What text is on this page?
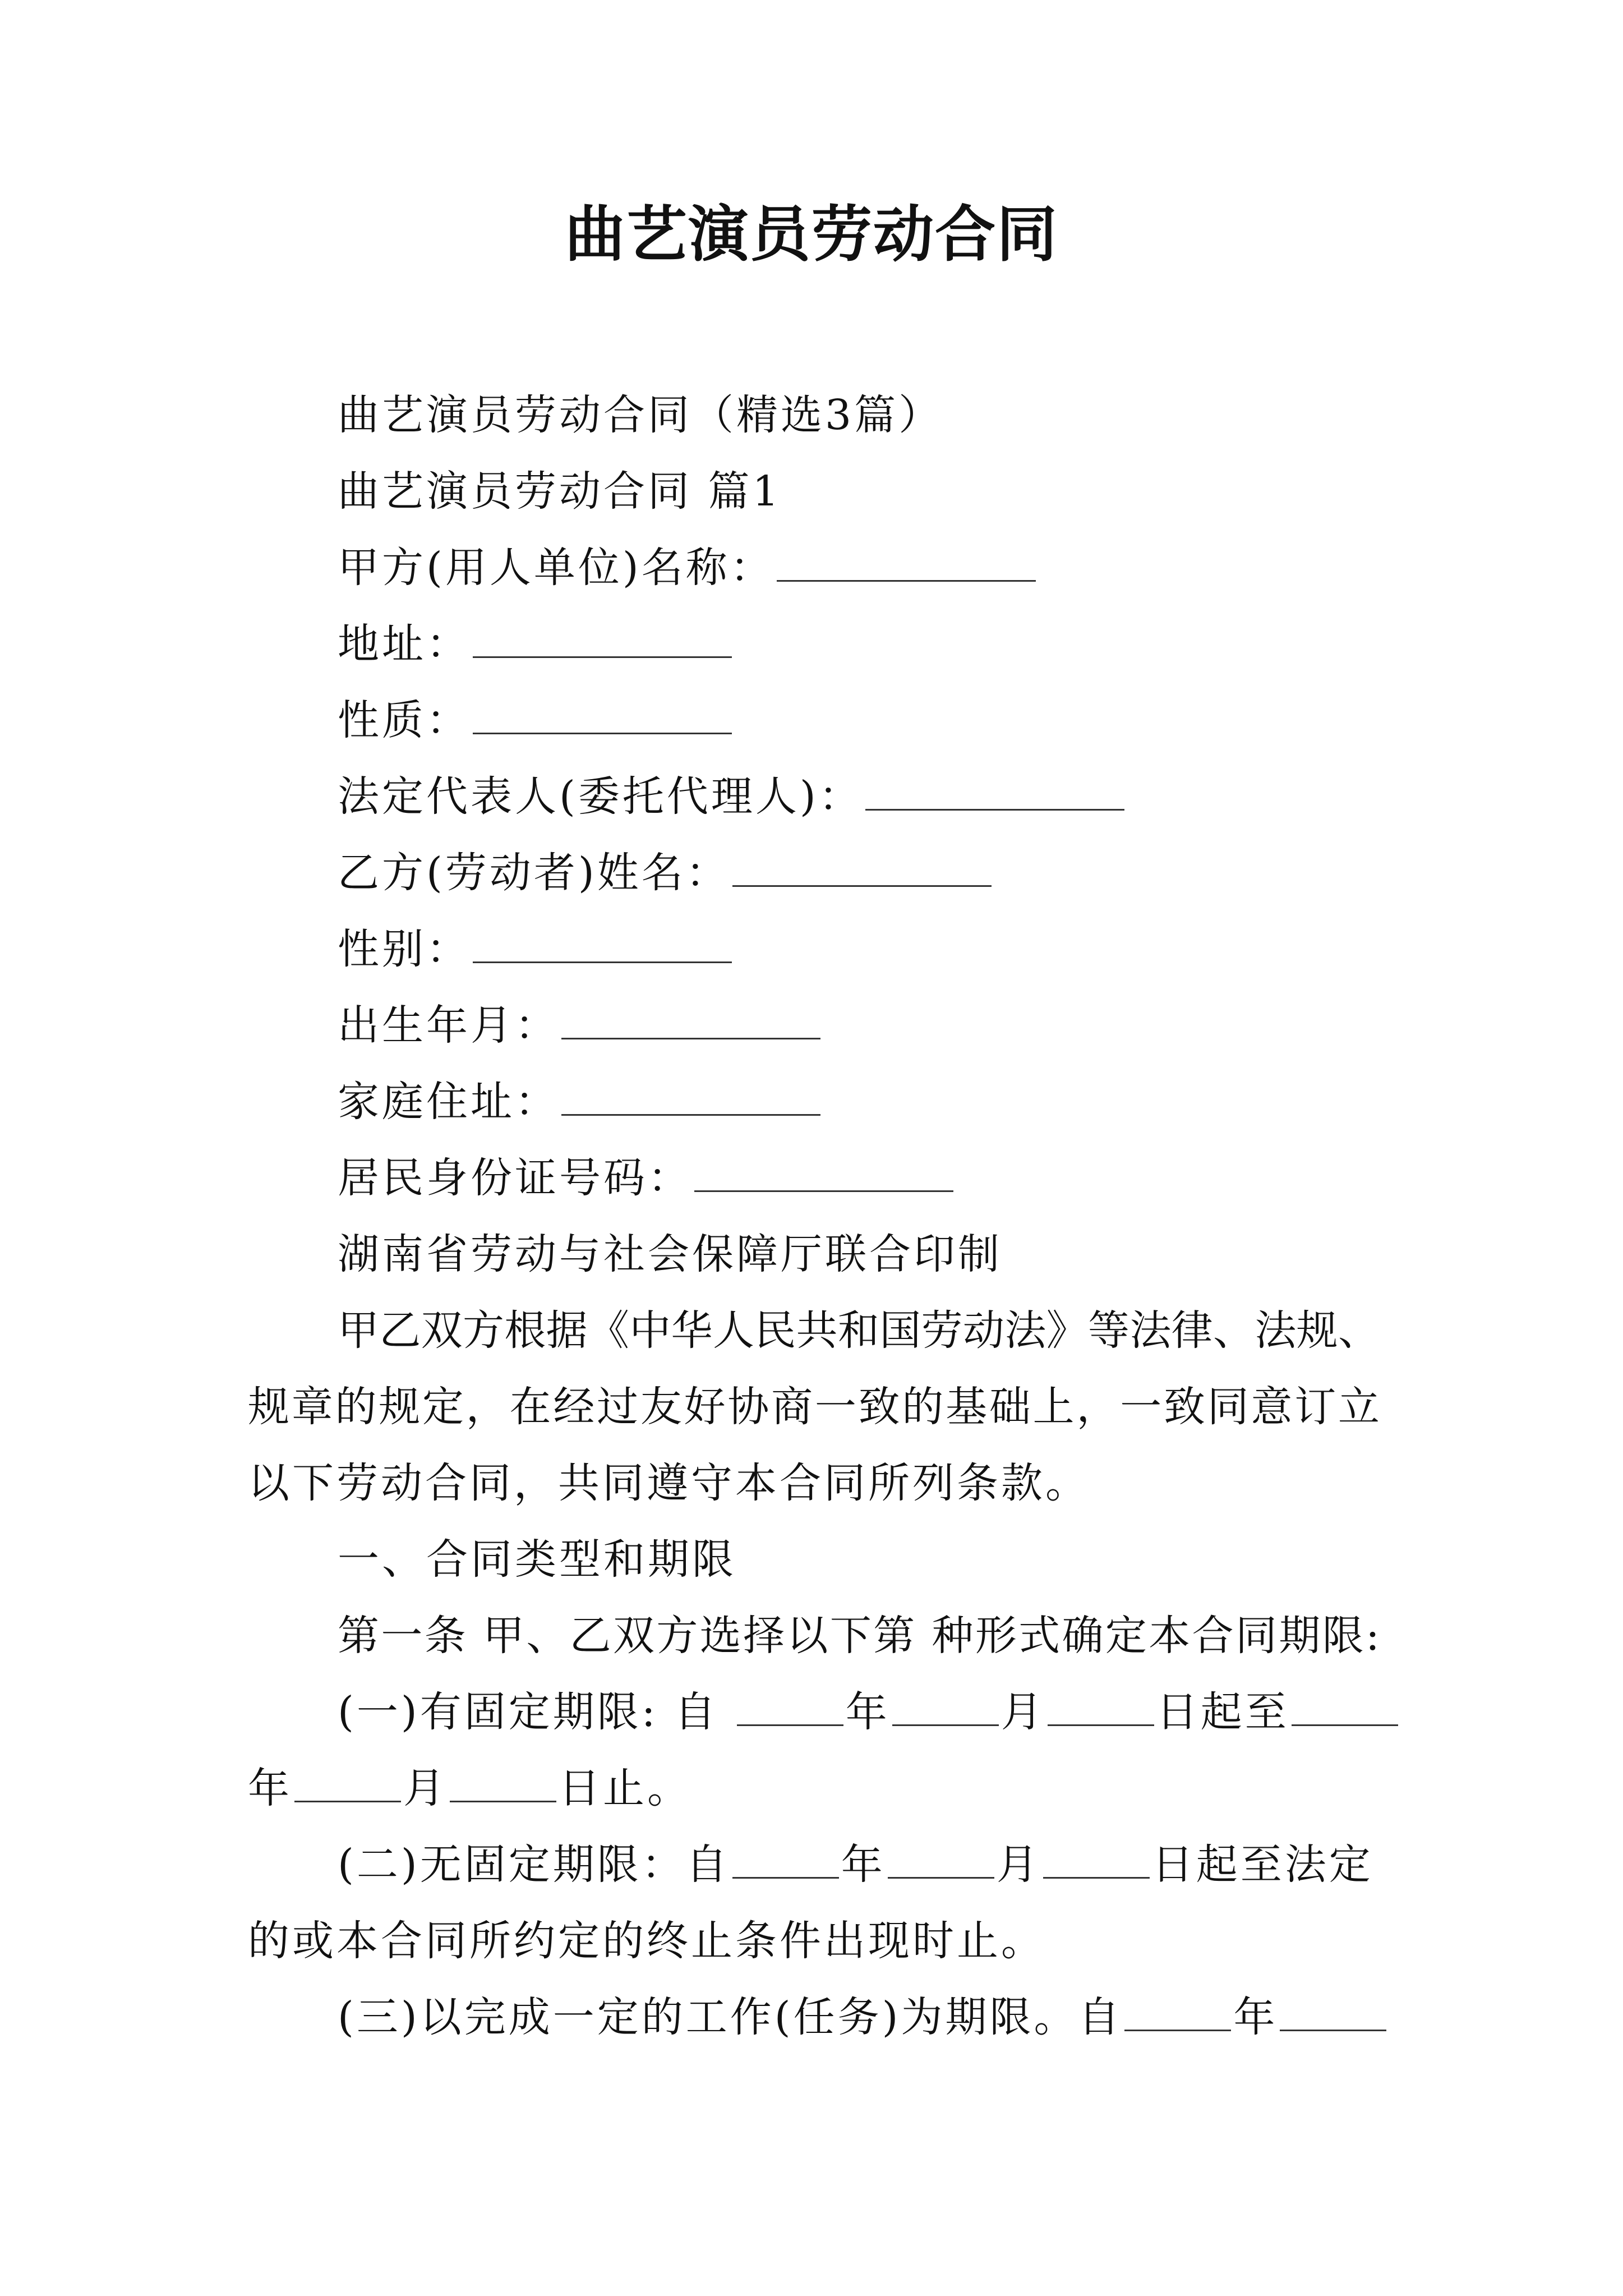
曲艺演员劳动合同
曲艺演员劳动合同（精选3篇）
曲艺演员劳动合同 篇1
甲方(用人单位)名称：
地址：
性质：
法定代表人(委托代理人)：
乙方(劳动者)姓名：
性别：
出生年月：
家庭住址：
居民身份证号码：
湖南省劳动与社会保障厅联合印制
甲乙双方根据《中华人民共和国劳动法》等法律、法规、
规章的规定，在经过友好协商一致的基础上，一致同意订立
以下劳动合同，共同遵守本合同所列条款。
一、合同类型和期限
第一条 甲、乙双方选择以下第 种形式确定本合同期限:
(一)有固定期限: 自	年	月	日起至
年	月	日止。
(二)无固定期限：自	年	月	日起至法定
的或本合同所约定的终止条件出现时止。
(三)以完成一定的工作(任务)为期限。自	年
